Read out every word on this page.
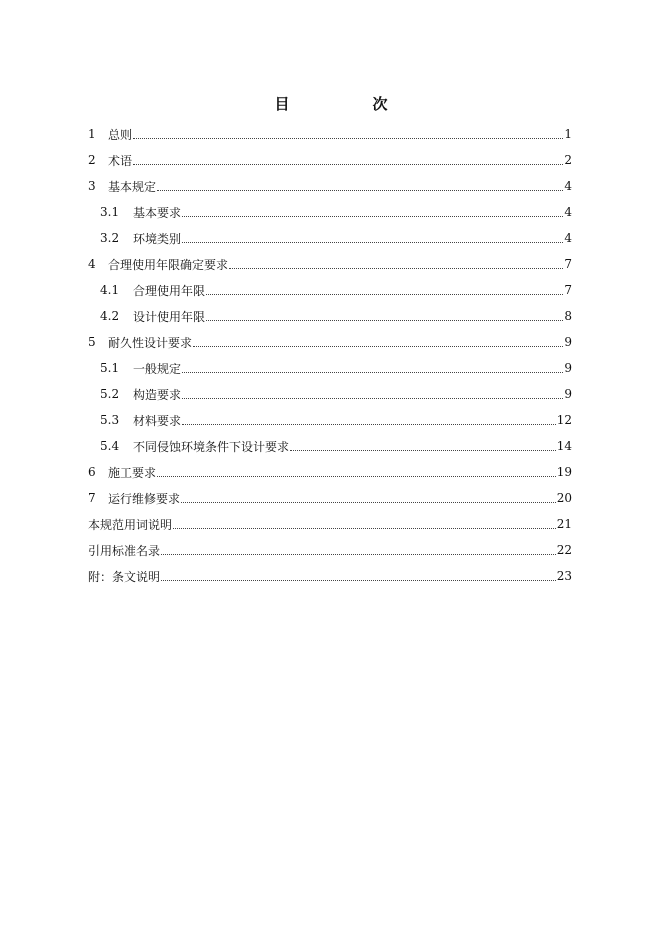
目　次
1	总则	1
2	术语	2
3	基本规定	4
3.1	基本要求	4
3.2	环境类别	4
4	合理使用年限确定要求	7
4.1	合理使用年限	7
4.2	设计使用年限	8
5	耐久性设计要求	9
5.1	一般规定	9
5.2	构造要求	9
5.3	材料要求	12
5.4	不同侵蚀环境条件下设计要求	14
6	施工要求	19
7	运行维修要求	20
本规范用词说明	21
引用标准名录	22
附：条文说明	23
